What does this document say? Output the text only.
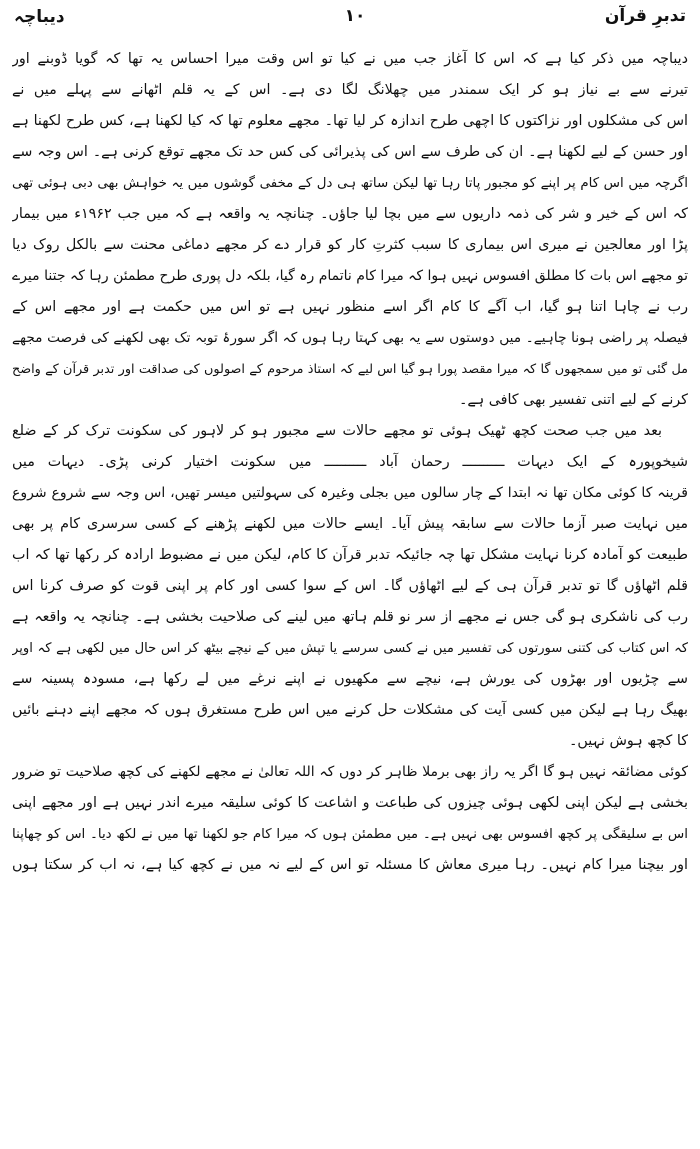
تدبرِ قرآن
١٠
دیباچہ
دیباچہ میں ذکر کیا ہے کہ اس کا آغاز جب میں نے کیا تو اس وقت میرا احساس یہ تھا کہ گویا ڈوبنے اور
تیرنے سے بے نیاز ہو کر ایک سمندر میں چھلانگ لگا دی ہے۔ اس کے یہ قلم اٹھانے سے پہلے میں نے
اس کی مشکلوں اور نزاکتوں کا اچھی طرح اندازہ کر لیا تھا۔ مجھے معلوم تھا کہ کیا لکھنا ہے، کس طرح لکھنا ہے
اور حسن کے لیے لکھنا ہے۔ ان کی طرف سے اس کی پذیرائی کی کس حد تک مجھے توقع کرنی ہے۔ اس وجہ سے
اگرچہ میں اس کام پر اپنے کو مجبور پاتا رہا تھا لیکن ساتھ ہی دل کے مخفی گوشوں میں یہ خواہش بھی دبی ہوئی تھی
کہ اس کے خیر و شر کی ذمہ داریوں سے میں بچا لیا جاؤں۔ چنانچہ یہ واقعہ ہے کہ میں جب ۱۹۶۲ء میں بیمار
پڑا اور معالجین نے میری اس بیماری کا سبب کثرتِ کار کو قرار دے کر مجھے دماغی محنت سے بالکل روک دیا
تو مجھے اس بات کا مطلق افسوس نہیں ہوا کہ میرا کام ناتمام رہ گیا، بلکہ دل پوری طرح مطمئن رہا کہ جتنا میرے
رب نے چاہا اتنا ہو گیا، اب آگے کا کام اگر اسے منظور نہیں ہے تو اس میں حکمت ہے اور مجھے اس کے
فیصلہ پر راضی ہونا چاہیے۔ میں دوستوں سے یہ بھی کہتا رہا ہوں کہ اگر سورۂ توبہ تک بھی لکھنے کی فرصت مجھے
مل گئی تو میں سمجھوں گا کہ میرا مقصد پورا ہو گیا اس لیے کہ استاذ مرحوم کے اصولوں کی صداقت اور تدبر قرآن کے واضح
کرنے کے لیے اتنی تفسیر بھی کافی ہے۔
بعد میں جب صحت کچھ ٹھیک ہوئی تو مجھے حالات سے مجبور ہو کر لاہور کی سکونت ترک کر کے ضلع
شیخوپورہ کے ایک دیہات ــــــــــ رحمان آباد ــــــــــ میں سکونت اختیار کرنی پڑی۔ دیہات میں
قرینہ کا کوئی مکان تھا نہ ابتدا کے چار سالوں میں بجلی وغیرہ کی سہولتیں میسر تھیں، اس وجہ سے شروع شروع
میں نہایت صبر آزما حالات سے سابقہ پیش آیا۔ ایسے حالات میں لکھنے پڑھنے کے کسی سرسری کام پر بھی
طبیعت کو آمادہ کرنا نہایت مشکل تھا چہ جائیکہ تدبر قرآن کا کام، لیکن میں نے مضبوط ارادہ کر رکھا تھا کہ اب
قلم اٹھاؤں گا تو تدبر قرآن ہی کے لیے اٹھاؤں گا۔ اس کے سوا کسی اور کام پر اپنی قوت کو صرف کرنا اس
رب کی ناشکری ہو گی جس نے مجھے از سر نو قلم ہاتھ میں لینے کی صلاحیت بخشی ہے۔ چنانچہ یہ واقعہ ہے
کہ اس کتاب کی کتنی سورتوں کی تفسیر میں نے کسی سرسے یا تپش میں کے نیچے بیٹھ کر اس حال میں لکھی ہے کہ اوپر
سے چڑیوں اور بھڑوں کی یورش ہے، نیچے سے مکھیوں نے اپنے نرغے میں لے رکھا ہے، مسودہ پسینہ سے
بھیگ رہا ہے لیکن میں کسی آیت کی مشکلات حل کرنے میں اس طرح مستغرق ہوں کہ مجھے اپنے دہنے بائیں
کا کچھ ہوش نہیں۔
کوئی مضائقہ نہیں ہو گا اگر یہ راز بھی برملا ظاہر کر دوں کہ اللہ تعالیٰ نے مجھے لکھنے کی کچھ صلاحیت تو ضرور
بخشی ہے لیکن اپنی لکھی ہوئی چیزوں کی طباعت و اشاعت کا کوئی سلیقہ میرے اندر نہیں ہے اور مجھے اپنی
اس بے سلیقگی پر کچھ افسوس بھی نہیں ہے۔ میں مطمئن ہوں کہ میرا کام جو لکھنا تھا میں نے لکھ دیا۔ اس کو چھاپنا
اور بیچنا میرا کام نہیں۔ رہا میری معاش کا مسئلہ تو اس کے لیے نہ میں نے کچھ کیا ہے، نہ اب کر سکتا ہوں
